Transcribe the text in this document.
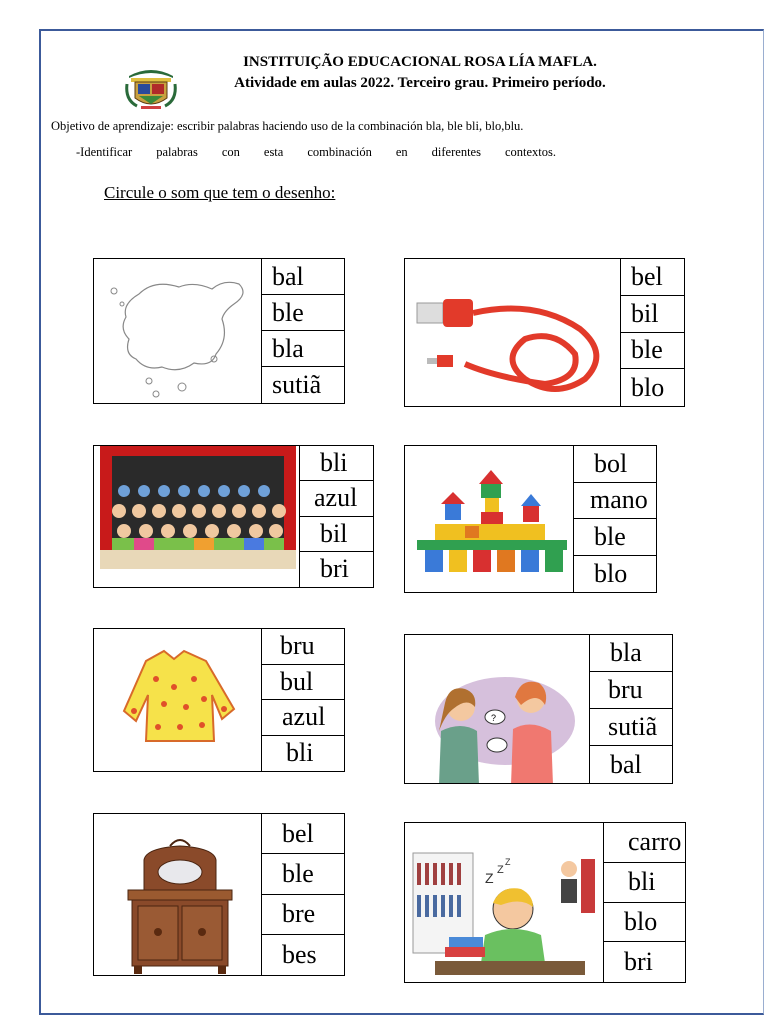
INSTITUIÇÃO EDUCACIONAL ROSA LÍA MAFLA.
Atividade em aulas 2022. Terceiro grau. Primeiro período.
Objetivo de aprendizaje: escribir palabras haciendo uso de la combinación bla, ble bli, blo,blu.
-Identificar palabras con esta combinación en diferentes contextos.
Circule o som que tem o desenho:
bal
ble
bla
sutiã
bel
bil
ble
blo
bli
azul
bil
bri
bol
mano
ble
blo
bru
bul
azul
bli
?
bla
bru
sutiã
bal
bel
ble
bre
bes
Z Z
Z
carro
bli
blo
bri
